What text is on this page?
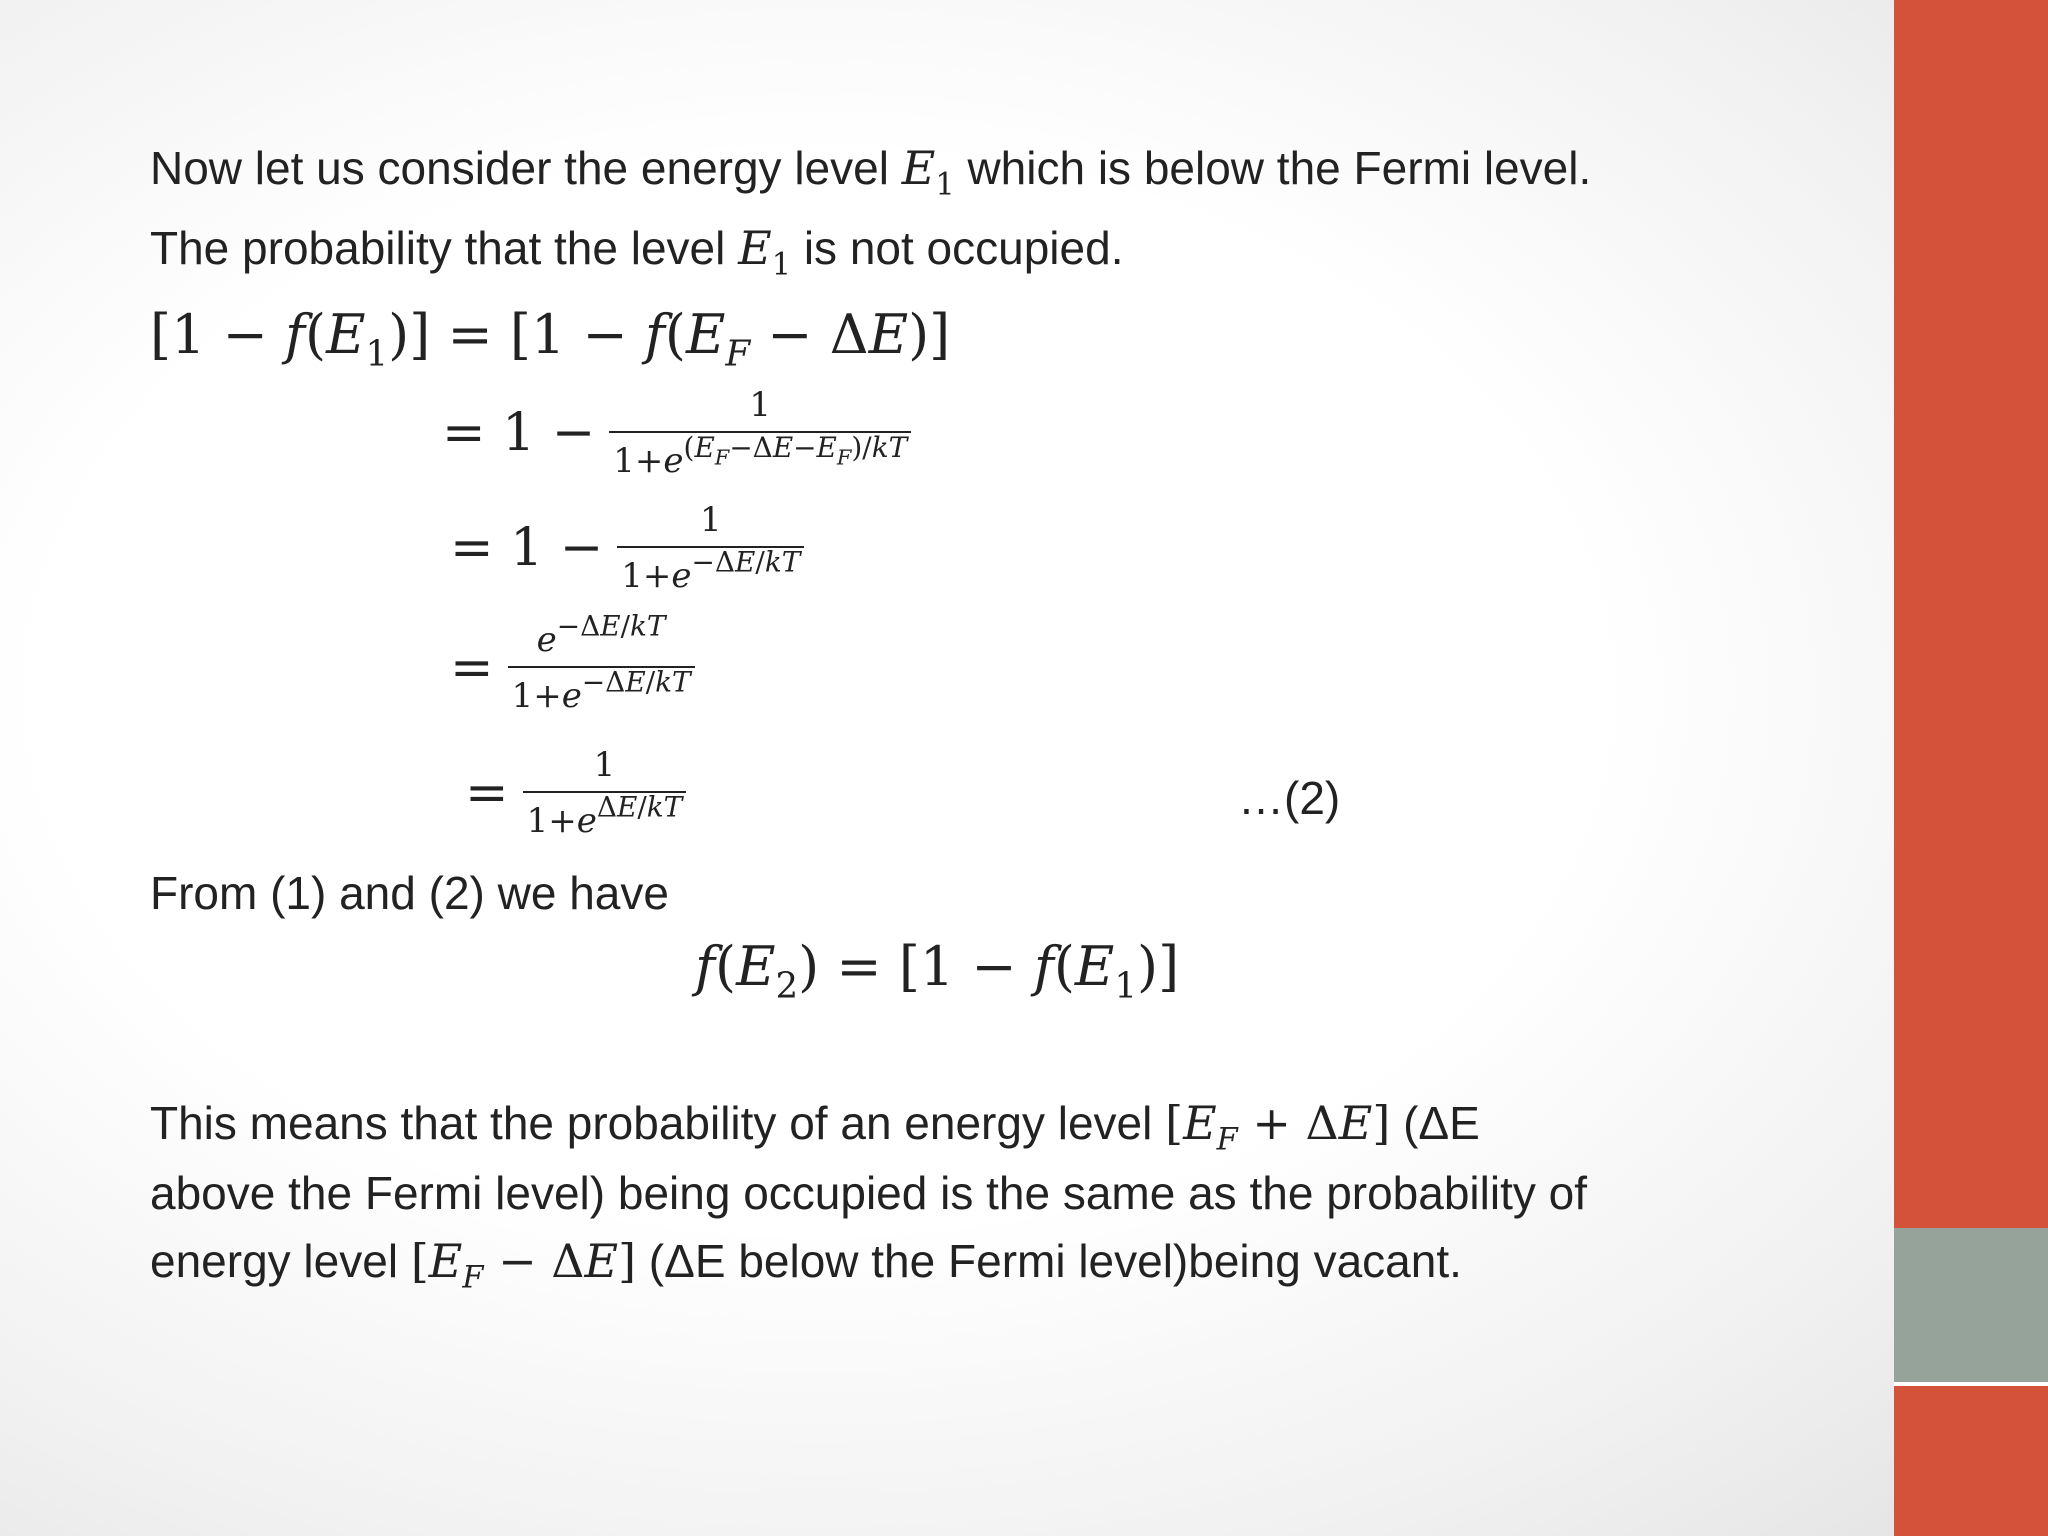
Now let us consider the energy level $E_1$ which is below the Fermi level.
The probability that the level $E_1$ is not occupied.
$[1 - f(E_1)] = [1 - f(E_F - \Delta E)]$
= $1 - \frac{1}{1+e^{(E_F-\Delta E-E_F)/kT}}$
= $1 - \frac{1}{1+e^{-\Delta E/kT}}$
= $\frac{e^{-\Delta E/kT}}{1+e^{-\Delta E/kT}}$
= $\frac{1}{1+e^{\Delta E/kT}}$	…(2)
From (1) and (2) we have
$f(E_2) = [1 - f(E_1)]$
This means that the probability of an energy level $[E_F + \Delta E]$ (ΔE
above the Fermi level) being occupied is the same as the probability of
energy level $[E_F - \Delta E]$ (ΔE below the Fermi level)being vacant.
